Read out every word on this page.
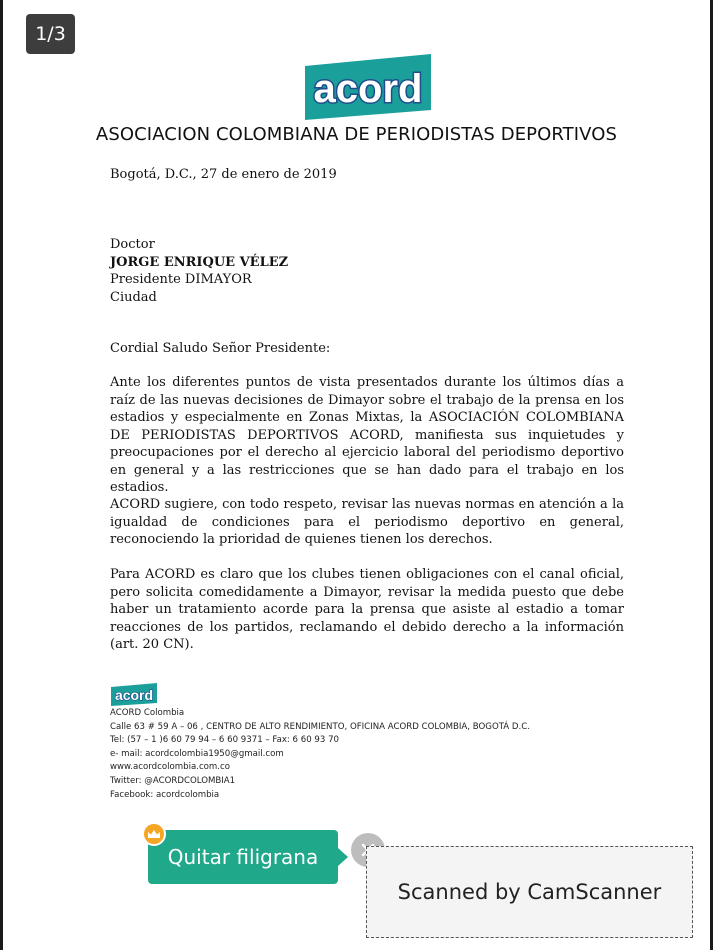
1/3
acord
ASOCIACION COLOMBIANA DE PERIODISTAS DEPORTIVOS
Bogotá, D.C., 27 de enero de 2019
Doctor
JORGE ENRIQUE VÉLEZ
Presidente DIMAYOR
Ciudad
Cordial Saludo Señor Presidente:
Ante los diferentes puntos de vista presentados durante los últimos días a raíz de las nuevas decisiones de Dimayor sobre el trabajo de la prensa en los estadios y especialmente en Zonas Mixtas, la ASOCIACIÓN COLOMBIANA DE PERIODISTAS DEPORTIVOS ACORD, manifiesta sus inquietudes y preocupaciones por el derecho al ejercicio laboral del periodismo deportivo en general y a las restricciones que se han dado para el trabajo en los estadios.
ACORD sugiere, con todo respeto, revisar las nuevas normas en atención a la igualdad de condiciones para el periodismo deportivo en general, reconociendo la prioridad de quienes tienen los derechos.
Para ACORD es claro que los clubes tienen obligaciones con el canal oficial, pero solicita comedidamente a Dimayor, revisar la medida puesto que debe haber un tratamiento acorde para la prensa que asiste al estadio a tomar reacciones de los partidos, reclamando el debido derecho a la información (art. 20 CN).
acord
ACORD Colombia
Calle 63 # 59 A – 06 , CENTRO DE ALTO RENDIMIENTO, OFICINA ACORD COLOMBIA, BOGOTÁ D.C.
Tel: (57 – 1 )6 60 79 94 – 6 60 9371 – Fax: 6 60 93 70
e- mail: acordcolombia1950@gmail.com
www.acordcolombia.com.co
Twitter: @ACORDCOLOMBIA1
Facebook: acordcolombia
Quitar filigrana
Scanned by CamScanner
